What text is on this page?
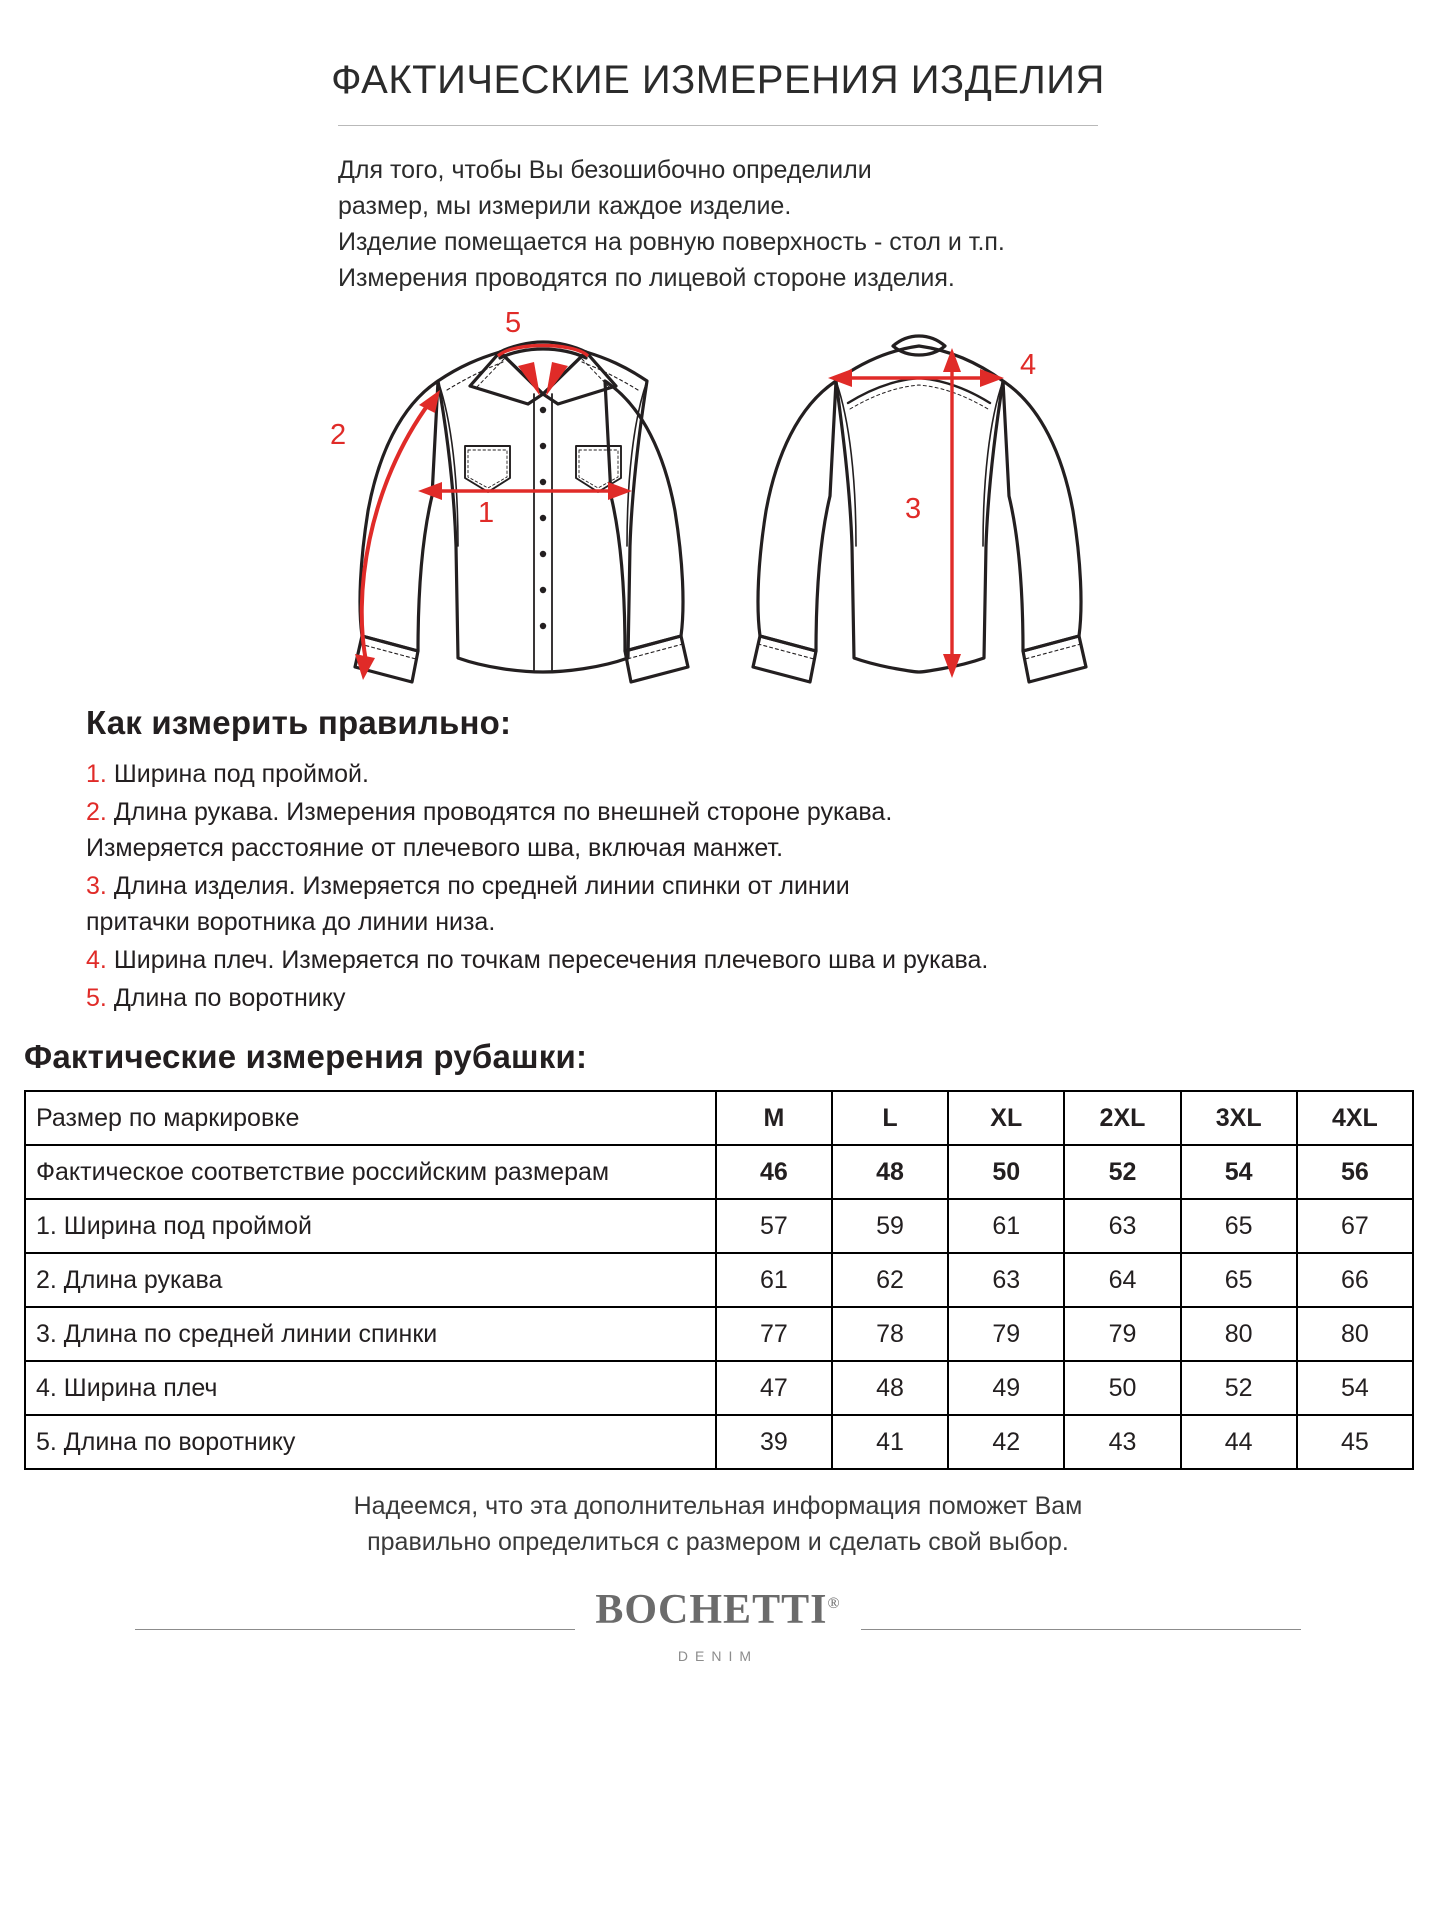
ФАКТИЧЕСКИЕ ИЗМЕРЕНИЯ ИЗДЕЛИЯ
Для того, чтобы Вы безошибочно определили
размер, мы измерили каждое изделие.
Изделие помещается на ровную поверхность - стол и т.п.
Измерения проводятся по лицевой стороне изделия.
1
2
3
4
5
Как измерить правильно:
1. Ширина под проймой.
2. Длина рукава. Измерения проводятся по внешней стороне рукава.
Измеряется расстояние от плечевого шва, включая манжет.
3. Длина изделия. Измеряется по средней линии спинки от линии
притачки воротника до линии низа.
4. Ширина плеч. Измеряется по точкам пересечения плечевого шва и рукава.
5. Длина по воротнику
Фактические измерения рубашки:
Размер по маркировке	M	L	XL	2XL	3XL	4XL
Фактическое соответствие российским размерам	46	48	50	52	54	56
1. Ширина под проймой	57	59	61	63	65	67
2. Длина рукава	61	62	63	64	65	66
3. Длина по средней линии спинки	77	78	79	79	80	80
4. Ширина плеч	47	48	49	50	52	54
5. Длина по воротнику	39	41	42	43	44	45
Надеемся, что эта дополнительная информация поможет Вам
правильно определиться с размером и сделать свой выбор.
BOCHETTI®
DENIM
